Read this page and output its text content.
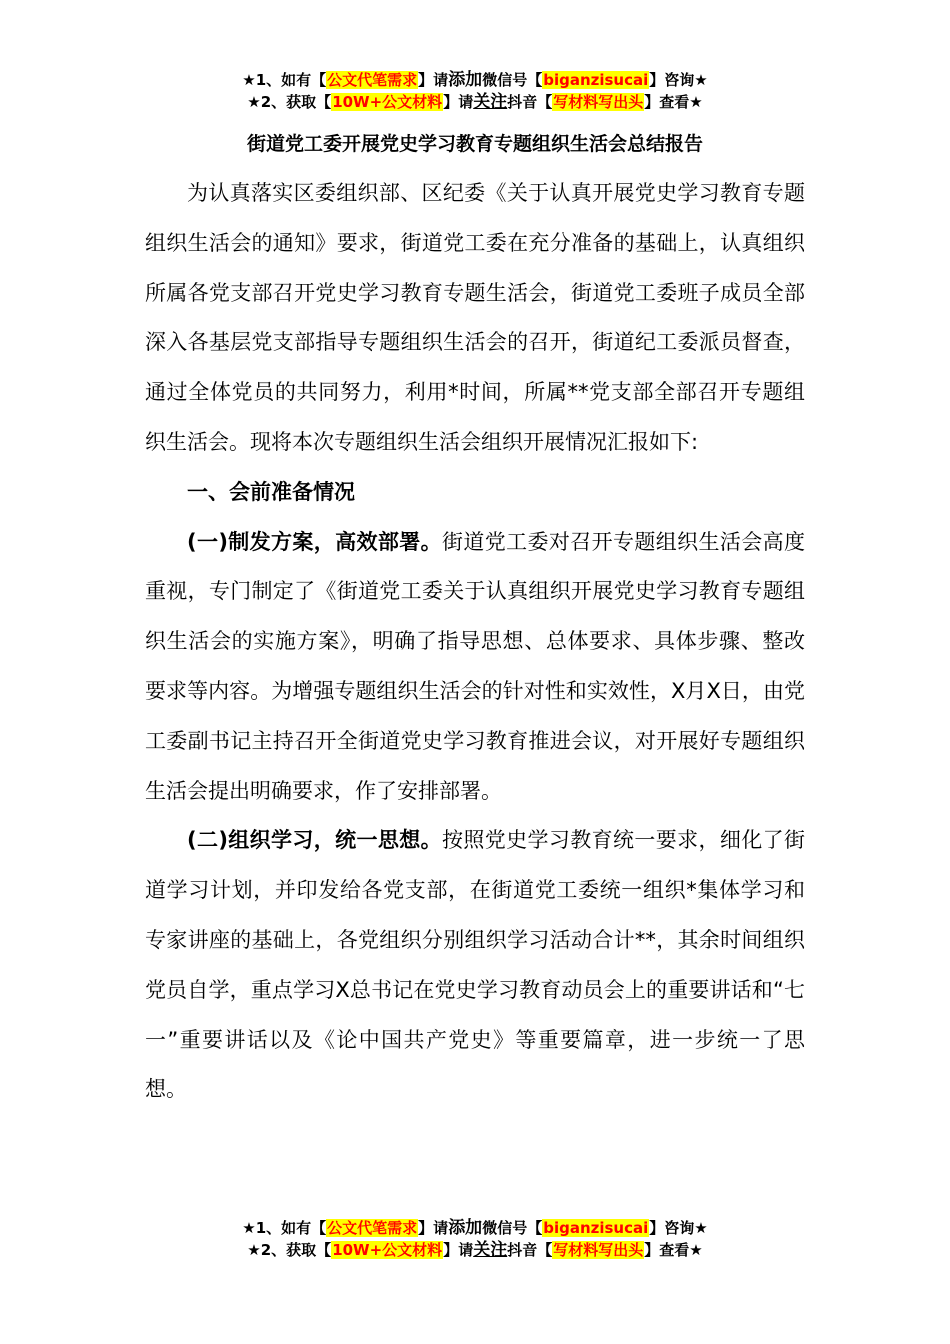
★1、如有【公文代笔需求】请添加微信号【biganzisucai】咨询★
★2、获取【10W+公文材料】请关注抖音【写材料写出头】查看★
街道党工委开展党史学习教育专题组织生活会总结报告

为认真落实区委组织部、区纪委《关于认真开展党史学习教育专题组织生活会的通知》要求，街道党工委在充分准备的基础上，认真组织所属各党支部召开党史学习教育专题生活会，街道党工委班子成员全部深入各基层党支部指导专题组织生活会的召开，街道纪工委派员督查，通过全体党员的共同努力，利用*时间，所属**党支部全部召开专题组织生活会。现将本次专题组织生活会组织开展情况汇报如下:

一、会前准备情况

(一)制发方案，高效部署。街道党工委对召开专题组织生活会高度重视，专门制定了《街道党工委关于认真组织开展党史学习教育专题组织生活会的实施方案》，明确了指导思想、总体要求、具体步骤、整改要求等内容。为增强专题组织生活会的针对性和实效性，X月X日，由党工委副书记主持召开全街道党史学习教育推进会议，对开展好专题组织生活会提出明确要求，作了安排部署。

(二)组织学习，统一思想。按照党史学习教育统一要求，细化了街道学习计划，并印发给各党支部，在街道党工委统一组织*集体学习和专家讲座的基础上，各党组织分别组织学习活动合计**，其余时间组织党员自学，重点学习X总书记在党史学习教育动员会上的重要讲话和“七一”重要讲话以及《论中国共产党史》等重要篇章，进一步统一了思想。

★1、如有【公文代笔需求】请添加微信号【biganzisucai】咨询★
★2、获取【10W+公文材料】请关注抖音【写材料写出头】查看★
